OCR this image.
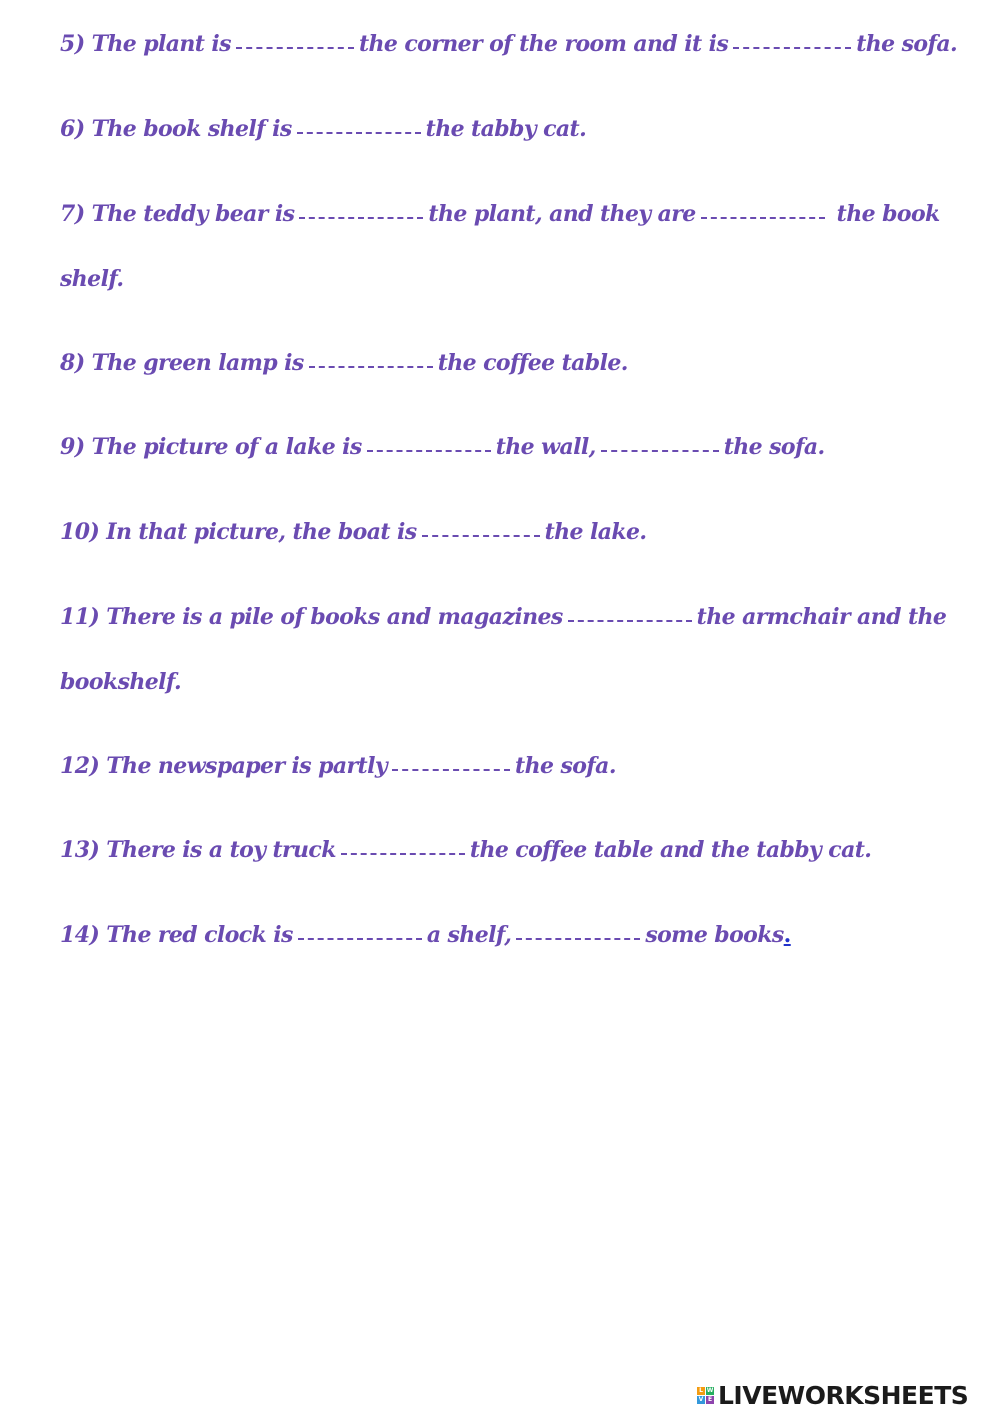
5) The plant is	the corner of the room and it is	the sofa.

6) The book shelf is	the tabby cat.

7) The teddy bear is	the plant, and they are	the book

shelf.

8) The green lamp is	the coffee table.

9) The picture of a lake is	the wall,	the sofa.

10) In that picture, the boat is	the lake.

11) There is a pile of books and magazines	the armchair and the

bookshelf.

12) The newspaper is partly	the sofa.

13) There is a toy truck	the coffee table and the tabby cat.

14) The red clock is	a shelf,	some books.

L W
V E LIVEWORKSHEETS
